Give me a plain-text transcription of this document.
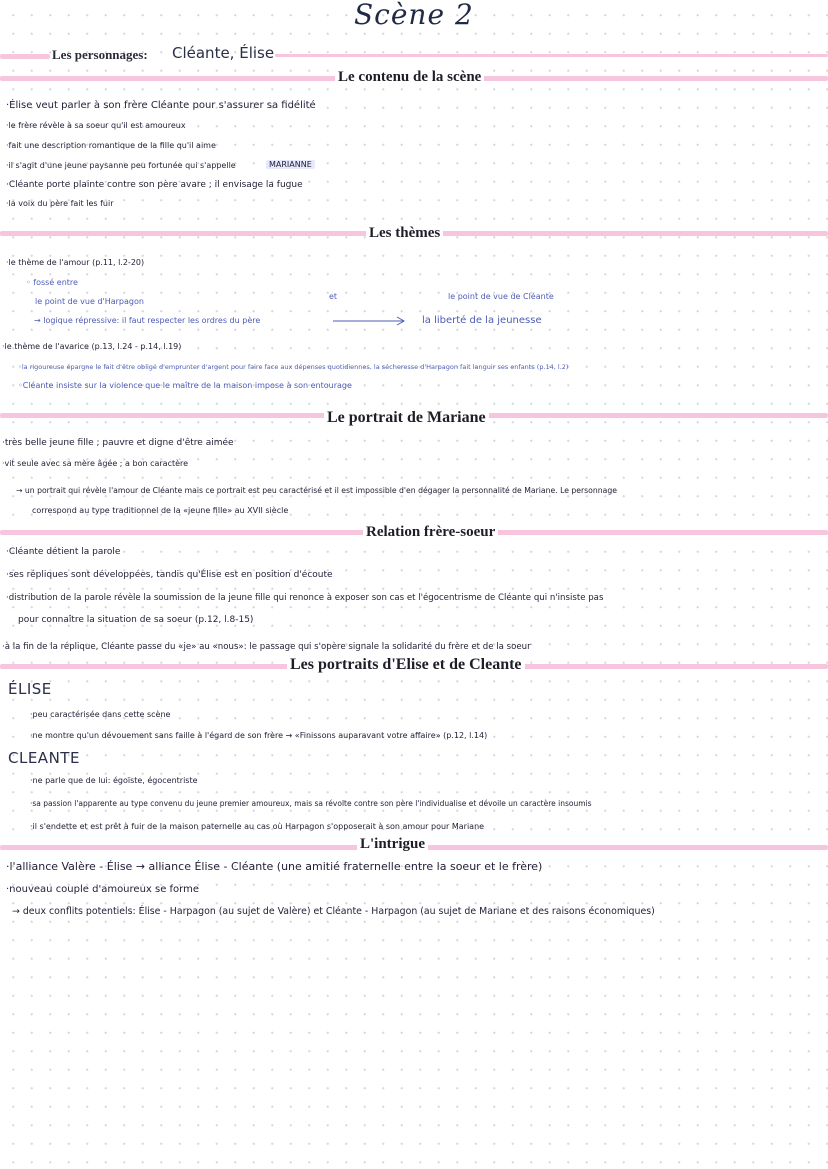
Scène 2
Les personnages: Cléante, Élise
Le contenu de la scène
·Élise veut parler à son frère Cléante pour s'assurer sa fidélité
·le frère révèle à sa soeur qu'il est amoureux
·fait une description romantique de la fille qu'il aime
·il s'agit d'une jeune paysanne peu fortunée qui s'appelle	MARIANNE
·Cléante porte plainte contre son père avare ; il envisage la fugue
·la voix du père fait les fuir
Les thèmes
·le thème de l'amour (p.11, l.2-20)
◦ fossé entre
le point de vue d'Harpagon
et	le point de vue de Cléante
→ logique répressive: il faut respecter les ordres du père	la liberté de la jeunesse
·le thème de l'avarice (p.13, l.24 - p.14, l.19)
◦la rigoureuse épargne le fait d'être obligé d'emprunter d'argent pour faire face aux dépenses quotidiennes, la sécheresse d'Harpagon fait languir ses enfants (p.14, l.2)
◦Cléante insiste sur la violence que le maître de la maison impose à son entourage
Le portrait de Mariane
·très belle jeune fille ; pauvre et digne d'être aimée
·vit seule avec sa mère âgée ; a bon caractère
→ un portrait qui révèle l'amour de Cléante mais ce portrait est peu caractérisé et il est impossible d'en dégager la personnalité de Mariane. Le personnage
correspond au type traditionnel de la «jeune fille» au XVII siècle
Relation frère-soeur
·Cléante détient la parole
·ses répliques sont développées, tandis qu'Élise est en position d'écoute
·distribution de la parole révèle la soumission de la jeune fille qui renonce à exposer son cas et l'égocentrisme de Cléante qui n'insiste pas
pour connaître la situation de sa soeur (p.12, l.8-15)
·à la fin de la réplique, Cléante passe du «je» au «nous»: le passage qui s'opère signale la solidarité du frère et de la soeur
Les portraits d'Elise et de Cleante
ÉLISE
·peu caractérisée dans cette scène
·ne montre qu'un dévouement sans faille à l'égard de son frère → «Finissons auparavant votre affaire» (p.12, l.14)
CLEANTE
·ne parle que de lui: égoïste, égocentriste
·sa passion l'apparente au type convenu du jeune premier amoureux, mais sa révolte contre son père l'individualise et dévoile un caractère insoumis
·il s'endette et est prêt à fuir de la maison paternelle au cas où Harpagon s'opposerait à son amour pour Mariane
L'intrigue
·l'alliance Valère - Élise → alliance Élise - Cléante (une amitié fraternelle entre la soeur et le frère)
·nouveau couple d'amoureux se forme
→ deux conflits potentiels: Élise - Harpagon (au sujet de Valère) et Cléante - Harpagon (au sujet de Mariane et des raisons économiques)
